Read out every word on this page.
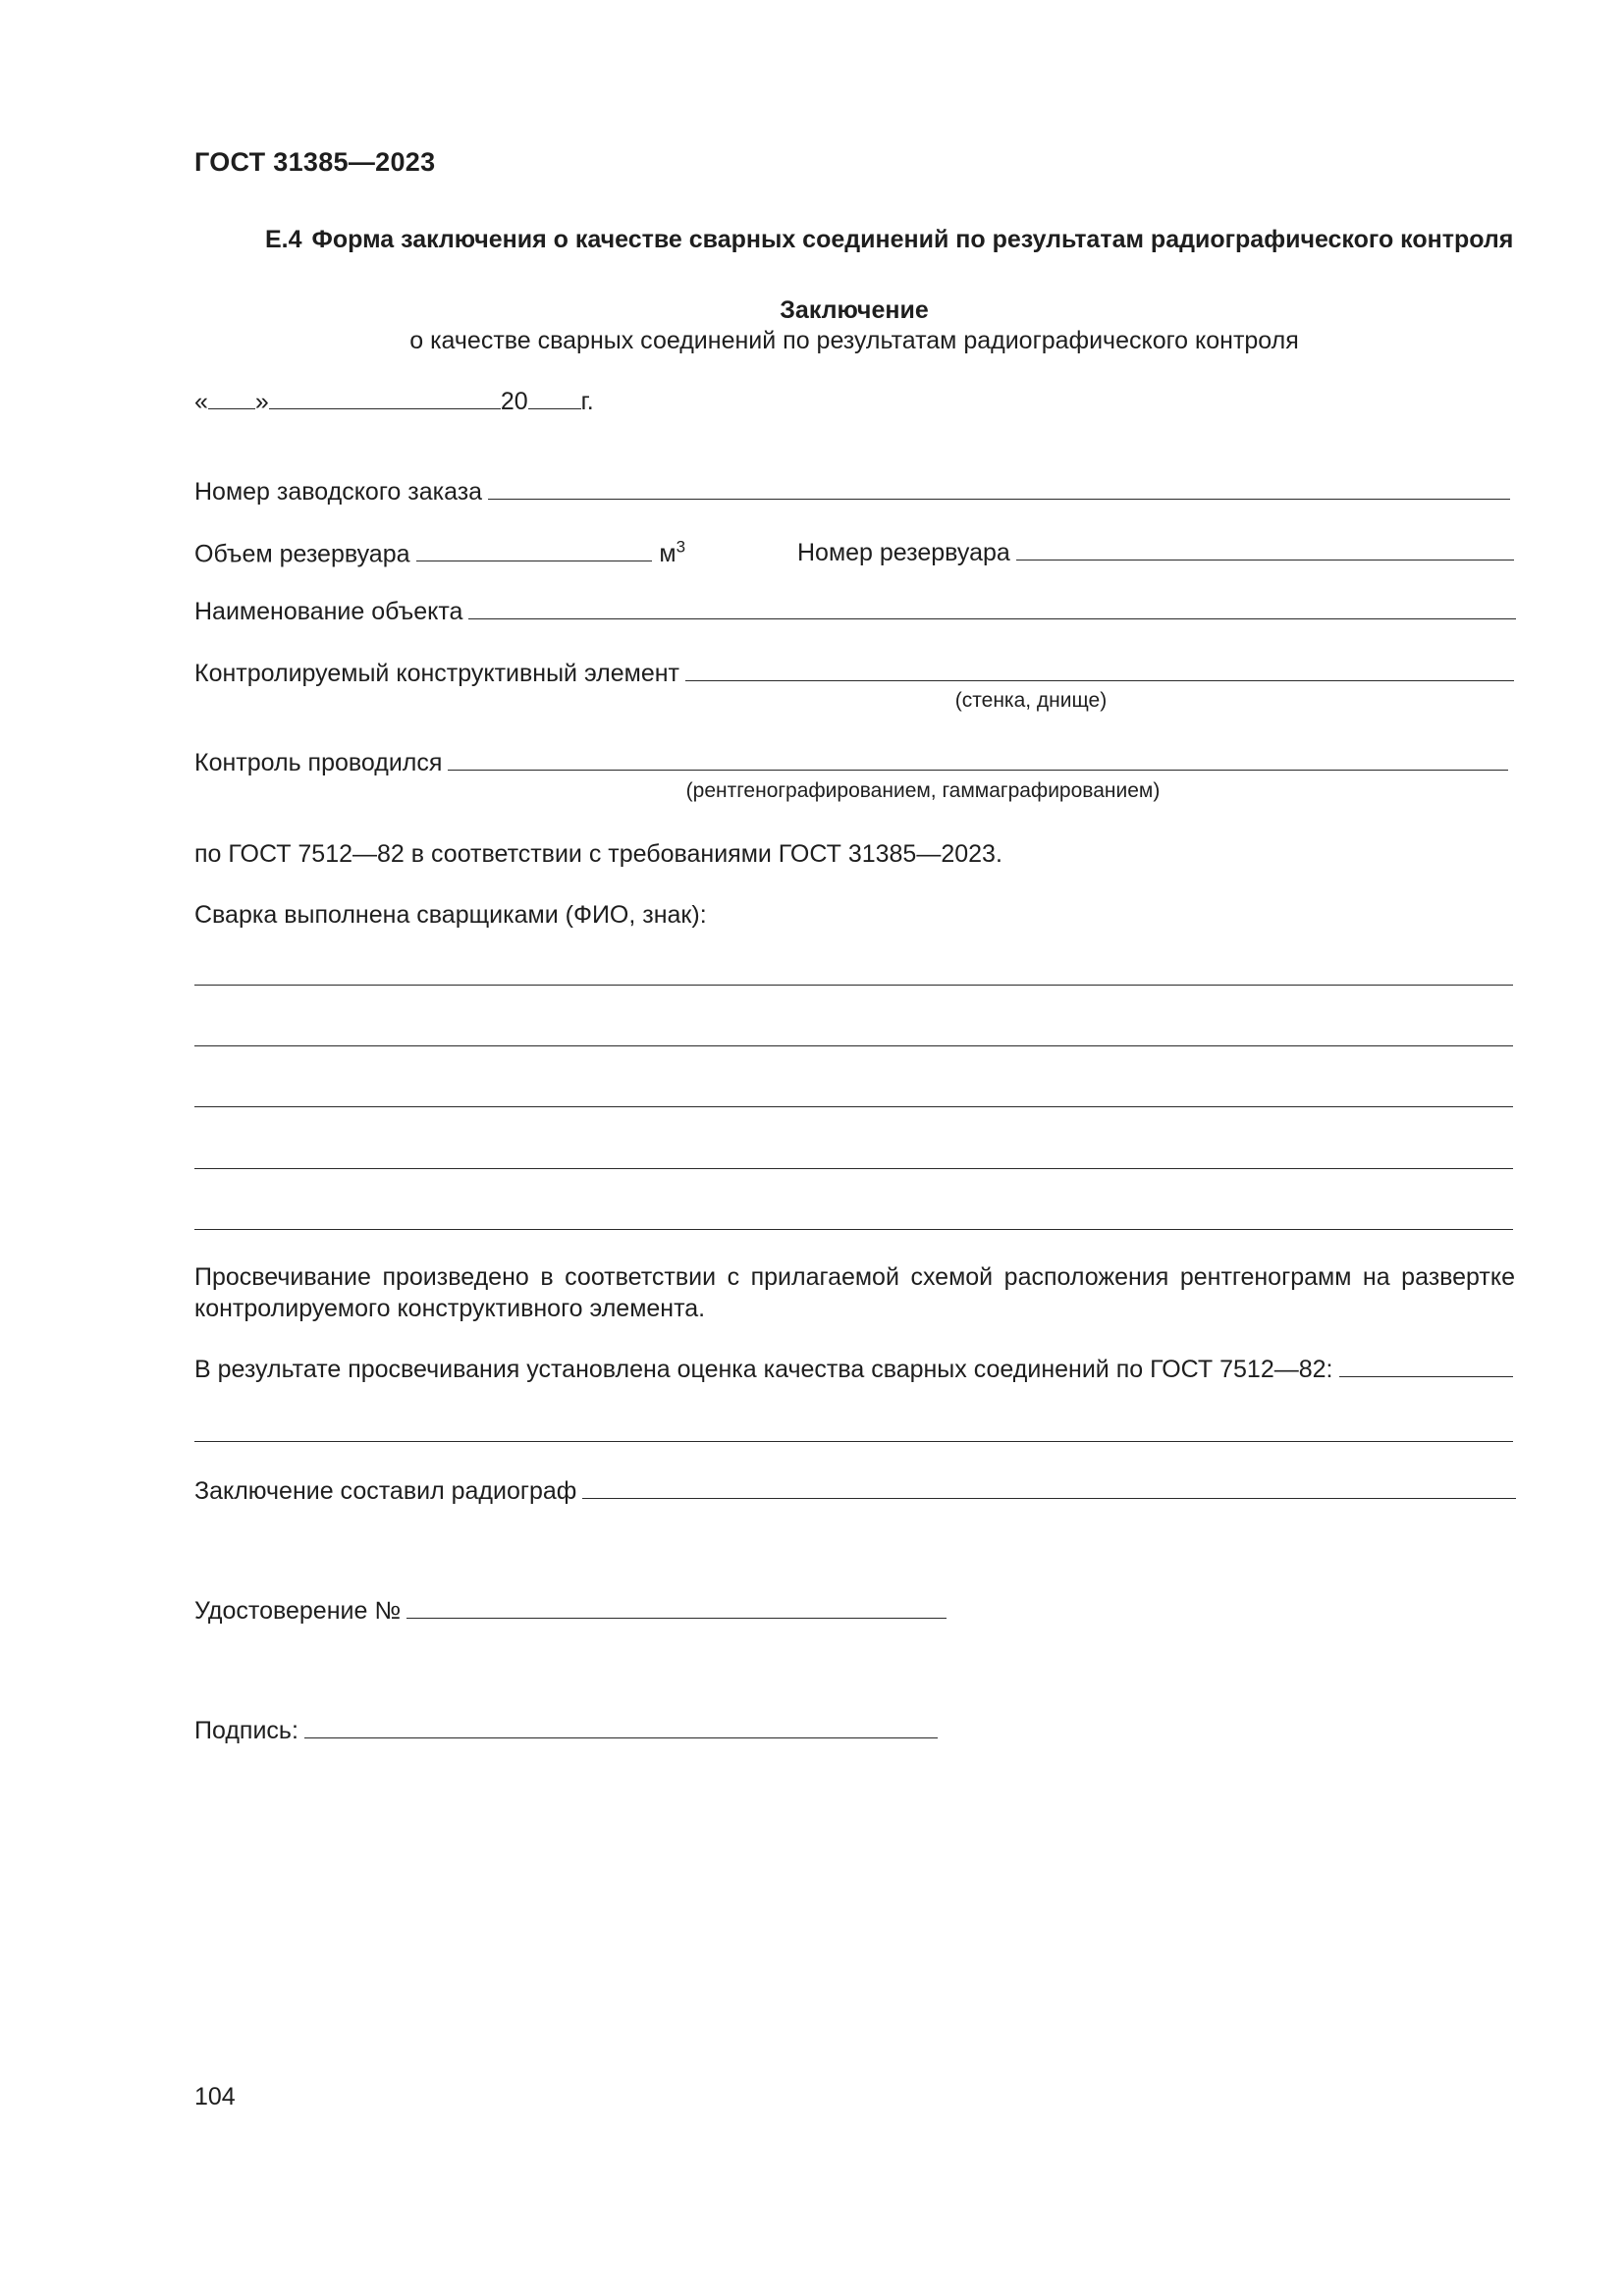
ГОСТ 31385—2023
Е.4 Форма заключения о качестве сварных соединений по результатам радиографического контроля
Заключение
о качестве сварных соединений по результатам радиографического контроля
« »	20 г.
Номер заводского заказа
Объем резервуара	$м^3$	Номер резервуара
Наименование объекта
Контролируемый конструктивный элемент
(стенка, днище)
Контроль проводился
(рентгенографированием, гаммаграфированием)
по ГОСТ 7512—82 в соответствии с требованиями ГОСТ 31385—2023.
Сварка выполнена сварщиками (ФИО, знак):
Просвечивание произведено в соответствии с прилагаемой схемой расположения рентгенограмм на развертке контролируемого конструктивного элемента.
В результате просвечивания установлена оценка качества сварных соединений по ГОСТ 7512—82:
Заключение составил радиограф
Удостоверение №
Подпись:
104
